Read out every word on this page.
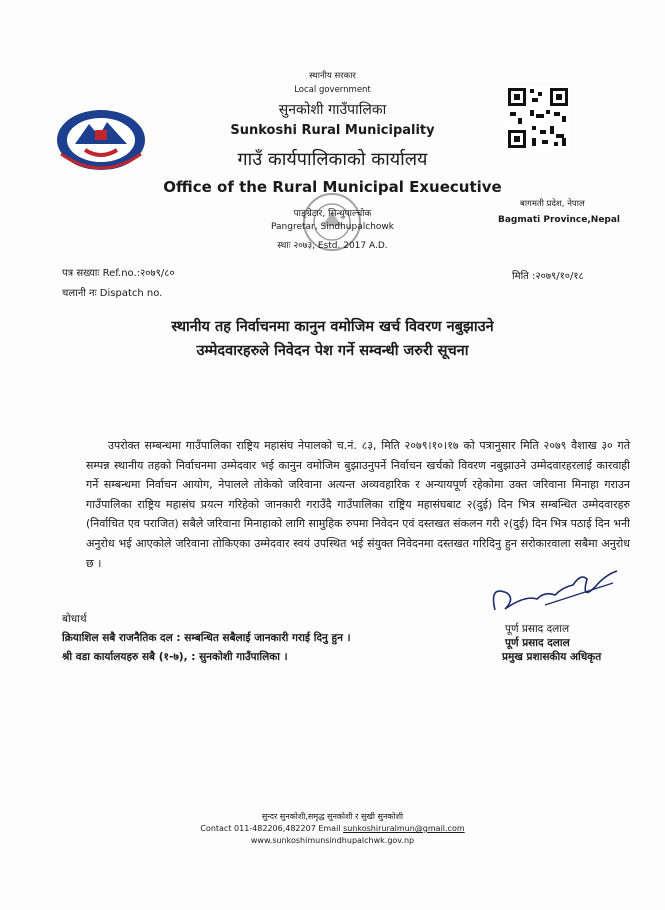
स्थानीय सरकार
Local government
सुनकोशी गाउँपालिका
Sunkoshi Rural Municipality
गाउँ कार्यपालिकाको कार्यालय
Office of the Rural Municipal Exuecutive
पाङ्ग्रेटार, सिन्धुपाल्चोक
Pangretar, Sindhupalchowk
स्थाः २०७३, Estd. 2017 A.D.
बागमती प्रदेश, नेपाल
Bagmati Province,Nepal
पत्र सख्याः Ref.no.:२०७९/८०
चलानी नः Dispatch no.
मिति :२०७९/१०/१८
स्थानीय तह निर्वाचनमा कानुन वमोजिम खर्च विवरण नबुझाउने
उम्मेदवारहरुले निवेदन पेश गर्ने सम्वन्धी जरुरी सूचना

उपरोक्त सम्बन्धमा गाउँपालिका राष्ट्रिय महासंघ नेपालको च.नं. ८३, मिति २०७९।१०।१७ को पत्रानुसार मिति २०७९ वैशाख ३० गते सम्पन्न स्थानीय तहको निर्वाचनमा उम्मेदवार भई कानुन वमोजिम बुझाउनुपर्ने निर्वाचन खर्चको विवरण नबुझाउने उम्मेदवारहरलाई कारवाही गर्ने सम्बन्धमा निर्वाचन आयोग, नेपालले तोकेको जरिवाना अत्यन्त अव्यवहारिक र अन्यायपूर्ण रहेकोमा उक्त जरिवाना मिनाहा गराउन गाउँपालिका राष्ट्रिय महासंघ प्रयत्न गरिहेको जानकारी गराउँदै गाउँपालिका राष्ट्रिय महासंघबाट २(दुई) दिन भित्र सम्बन्धित उम्मेदवारहरु (निर्वाचित एव पराजित) सबैले जरिवाना मिनाहाको लागि सामुहिक रुपमा निवेदन एवं दस्तखत संकलन गरी २(दुई) दिन भित्र पठाई दिन भनी अनुरोध भई आएकोले जरिवाना तोकिएका उम्मेदवार स्वयं उपस्थित भई संयुक्त निवेदनमा दस्तखत गरिदिनु हुन सरोकारवाला सबैमा अनुरोध छ ।

पूर्ण प्रसाद दलाल
पूर्ण प्रसाद दलाल
प्रमुख प्रशासकीय अधिकृत
बोधार्थ
क्रियाशिल सबै राजनैतिक दल : सम्बन्धित सबैलाई जानकारी गराई दिनु हुन ।
श्री वडा कार्यालयहरु सबै (१-७), : सुनकोशी गाउँपालिका ।
सुन्दर सुनकोशी,समृद्ध सुनकोशी र सुखी सुनकोशी
Contact 011-482206,482207 Email sunkoshiruralmun@gmail.com
www.sunkoshimunsindhupalchwk.gov.np
